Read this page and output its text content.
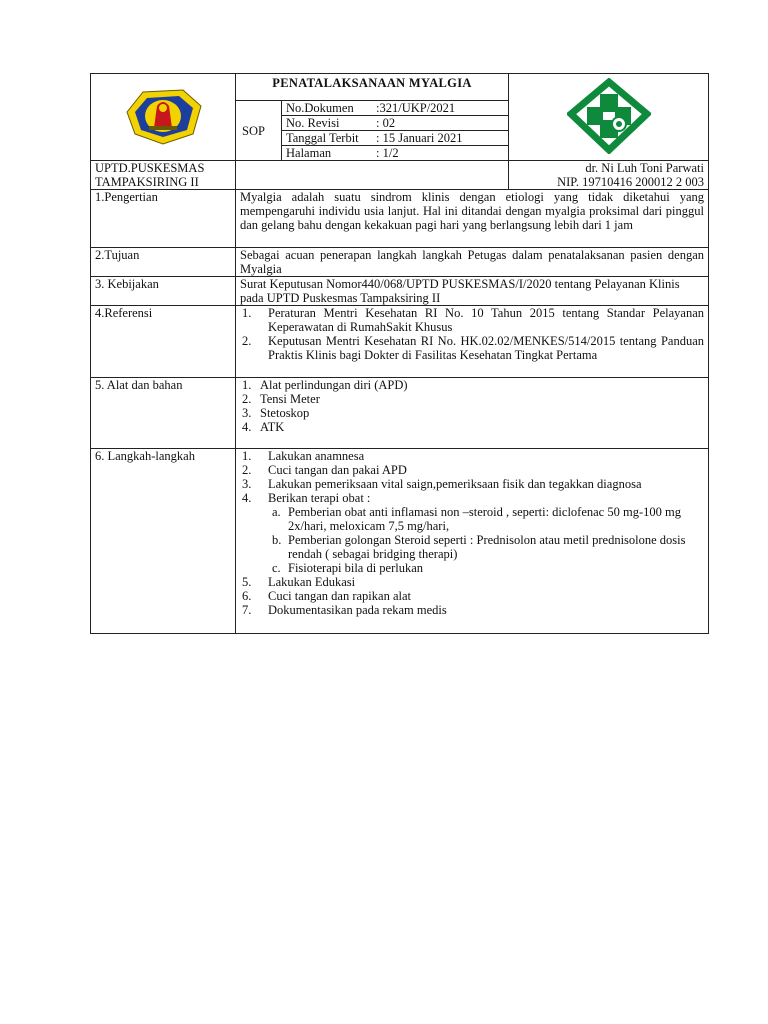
	PENATALAKSANAAN MYALGIA	
SOP	
No.Dokumen :321/UKP/2021
No. Revisi	: 02
Tanggal Terbit : 15 Januari 2021
Halaman	: 1/2

UPTD.PUSKESMAS
TAMPAKSIRING II

dr. Ni Luh Toni Parwati
NIP. 19710416 200012 2 003

1.Pengertian	Myalgia adalah suatu sindrom klinis dengan etiologi yang tidak diketahui yang mempengaruhi individu usia lanjut. Hal ini ditandai dengan myalgia proksimal dari pinggul dan gelang bahu dengan kekakuan pagi hari yang berlangsung lebih dari 1 jam
2.Tujuan	Sebagai acuan penerapan langkah langkah Petugas dalam penatalaksanan pasien dengan Myalgia
3. Kebijakan	Surat Keputusan Nomor440/068/UPTD PUSKESMAS/I/2020 tentang Pelayanan Klinis pada UPTD Puskesmas Tampaksiring II
4.Referensi	1. Peraturan Mentri Kesehatan RI No. 10 Tahun 2015 tentang Standar Pelayanan Keperawatan di RumahSakit Khusus
2. Keputusan Mentri Kesehatan RI No. HK.02.02/MENKES/514/2015 tentang Panduan Praktis Klinis bagi Dokter di Fasilitas Kesehatan Tingkat Pertama

5. Alat dan bahan	1. Alat perlindungan diri (APD)
2. Tensi Meter
3. Stetoskop
4. ATK

6. Langkah-langkah	1. Lakukan anamnesa
2. Cuci tangan dan pakai APD
3. Lakukan pemeriksaan vital saign,pemeriksaan fisik dan tegakkan diagnosa
4. Berikan terapi obat :
a. Pemberian obat anti inflamasi non –steroid , seperti: diclofenac 50 mg-100 mg 2x/hari, meloxicam 7,5 mg/hari,
b. Pemberian golongan Steroid seperti : Prednisolon atau metil prednisolone dosis rendah ( sebagai bridging therapi)
c. Fisioterapi bila di perlukan
5. Lakukan Edukasi
6. Cuci tangan dan rapikan alat
7. Dokumentasikan pada rekam medis
